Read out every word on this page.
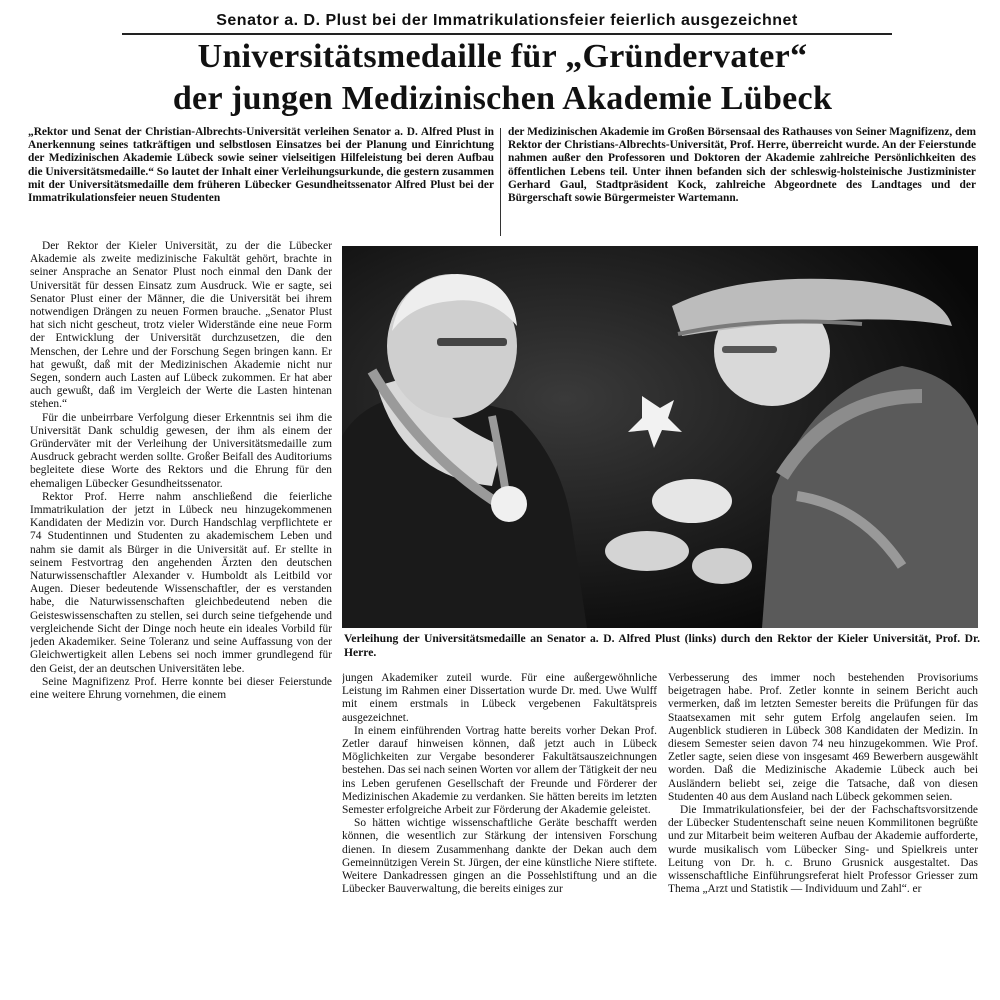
Senator a. D. Plust bei der Immatrikulationsfeier feierlich ausgezeichnet
Universitätsmedaille für „Gründervater“
der jungen Medizinischen Akademie Lübeck

„Rektor und Senat der Christian-Albrechts-Universität verleihen Senator a. D. Alfred Plust in Anerkennung seines tatkräftigen und selbstlosen Einsatzes bei der Planung und Einrichtung der Medizinischen Akademie Lübeck sowie seiner vielseitigen Hilfeleistung bei deren Aufbau die Universitätsmedaille.“ So lautet der Inhalt einer Verleihungsurkunde, die gestern zusammen mit der Universitätsmedaille dem früheren Lübecker Gesundheitssenator Alfred Plust bei der Immatrikulationsfeier neuen Studenten

der Medizinischen Akademie im Großen Börsensaal des Rathauses von Seiner Magnifizenz, dem Rektor der Christians-Albrechts-Universität, Prof. Herre, überreicht wurde. An der Feierstunde nahmen außer den Professoren und Doktoren der Akademie zahlreiche Persönlichkeiten des öffentlichen Lebens teil. Unter ihnen befanden sich der schleswig-holsteinische Justizminister Gerhard Gaul, Stadtpräsident Kock, zahlreiche Abgeordnete des Landtages und der Bürgerschaft sowie Bürgermeister Wartemann.

Der Rektor der Kieler Universität, zu der die Lübecker Akademie als zweite medizinische Fakultät gehört, brachte in seiner Ansprache an Senator Plust noch einmal den Dank der Universität für dessen Einsatz zum Ausdruck. Wie er sagte, sei Senator Plust einer der Männer, die die Universität bei ihrem notwendigen Drängen zu neuen Formen brauche. „Senator Plust hat sich nicht gescheut, trotz vieler Widerstände eine neue Form der Entwicklung der Universität durchzusetzen, die den Menschen, der Lehre und der Forschung Segen bringen kann. Er hat gewußt, daß mit der Medizinischen Akademie nicht nur Segen, sondern auch Lasten auf Lübeck zukommen. Er hat aber auch gewußt, daß im Vergleich der Werte die Lasten hintenan stehen.“

Für die unbeirrbare Verfolgung dieser Erkenntnis sei ihm die Universität Dank schuldig gewesen, der ihm als einem der Gründerväter mit der Verleihung der Universitätsmedaille zum Ausdruck gebracht werden sollte. Großer Beifall des Auditoriums begleitete diese Worte des Rektors und die Ehrung für den ehemaligen Lübecker Gesundheitssenator.

Rektor Prof. Herre nahm anschließend die feierliche Immatrikulation der jetzt in Lübeck neu hinzugekommenen Kandidaten der Medizin vor. Durch Handschlag verpflichtete er 74 Studentinnen und Studenten zu akademischem Leben und nahm sie damit als Bürger in die Universität auf. Er stellte in seinem Festvortrag den angehenden Ärzten den deutschen Naturwissenschaftler Alexander v. Humboldt als Leitbild vor Augen. Dieser bedeutende Wissenschaftler, der es verstanden habe, die Naturwissenschaften gleichbedeutend neben die Geisteswissenschaften zu stellen, sei durch seine tiefgehende und vergleichende Sicht der Dinge noch heute ein ideales Vorbild für jeden Akademiker. Seine Toleranz und seine Auffassung von der Gleichwertigkeit allen Lebens sei noch immer grundlegend für den Geist, der an deutschen Universitäten lebe.

Seine Magnifizenz Prof. Herre konnte bei dieser Feierstunde eine weitere Ehrung vornehmen, die einem

Verleihung der Universitätsmedaille an Senator a. D. Alfred Plust (links) durch den Rektor der Kieler Universität, Prof. Dr. Herre.

jungen Akademiker zuteil wurde. Für eine außergewöhnliche Leistung im Rahmen einer Dissertation wurde Dr. med. Uwe Wulff mit einem erstmals in Lübeck vergebenen Fakultätspreis ausgezeichnet.

In einem einführenden Vortrag hatte bereits vorher Dekan Prof. Zetler darauf hinweisen können, daß jetzt auch in Lübeck Möglichkeiten zur Vergabe besonderer Fakultätsauszeichnungen bestehen. Das sei nach seinen Worten vor allem der Tätigkeit der neu ins Leben gerufenen Gesellschaft der Freunde und Förderer der Medizinischen Akademie zu verdanken. Sie hätten bereits im letzten Semester erfolgreiche Arbeit zur Förderung der Akademie geleistet.

So hätten wichtige wissenschaftliche Geräte beschafft werden können, die wesentlich zur Stärkung der intensiven Forschung dienen. In diesem Zusammenhang dankte der Dekan auch dem Gemeinnützigen Verein St. Jürgen, der eine künstliche Niere stiftete. Weitere Dankadressen gingen an die Possehlstiftung und an die Lübecker Bauverwaltung, die bereits einiges zur

Verbesserung des immer noch bestehenden Provisoriums beigetragen habe. Prof. Zetler konnte in seinem Bericht auch vermerken, daß im letzten Semester bereits die Prüfungen für das Staatsexamen mit sehr gutem Erfolg angelaufen seien. Im Augenblick studieren in Lübeck 308 Kandidaten der Medizin. In diesem Semester seien davon 74 neu hinzugekommen. Wie Prof. Zetler sagte, seien diese von insgesamt 469 Bewerbern ausgewählt worden. Daß die Medizinische Akademie Lübeck auch bei Ausländern beliebt sei, zeige die Tatsache, daß von diesen Studenten 40 aus dem Ausland nach Lübeck gekommen seien.

Die Immatrikulationsfeier, bei der der Fachschaftsvorsitzende der Lübecker Studentenschaft seine neuen Kommilitonen begrüßte und zur Mitarbeit beim weiteren Aufbau der Akademie aufforderte, wurde musikalisch vom Lübecker Sing- und Spielkreis unter Leitung von Dr. h. c. Bruno Grusnick ausgestaltet. Das wissenschaftliche Einführungsreferat hielt Professor Griesser zum Thema „Arzt und Statistik — Individuum und Zahl“. er
